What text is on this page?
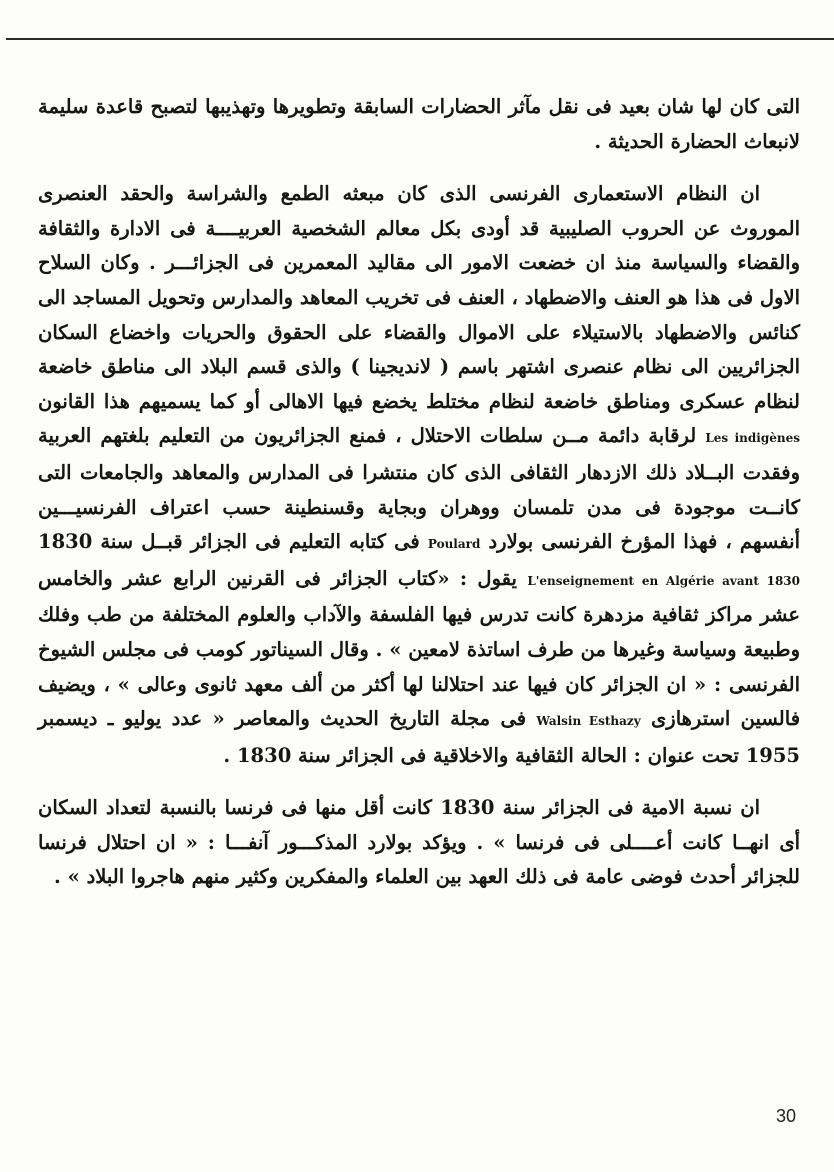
التى كان لها شان بعيد فى نقل مآثر الحضارات السابقة وتطويرها وتهذيبها لتصبح قاعدة سليمة لانبعاث الحضارة الحديثة .

ان النظام الاستعمارى الفرنسى الذى كان مبعثه الطمع والشراسة والحقد العنصرى الموروث عن الحروب الصليبية قد أودى بكل معالم الشخصية العربيــــة فى الادارة والثقافة والقضاء والسياسة منذ ان خضعت الامور الى مقاليد المعمرين فى الجزائـــر . وكان السلاح الاول فى هذا هو العنف والاضطهاد ، العنف فى تخريب المعاهد والمدارس وتحويل المساجد الى كنائس والاضطهاد بالاستيلاء على الاموال والقضاء على الحقوق والحريات واخضاع السكان الجزائريين الى نظام عنصرى اشتهر باسم ( لانديجينا ) والذى قسم البلاد الى مناطق خاضعة لنظام عسكرى ومناطق خاضعة لنظام مختلط يخضع فيها الاهالى أو كما يسميهم هذا القانون Les indigènes لرقابة دائمة مــن سلطات الاحتلال ، فمنع الجزائريون من التعليم بلغتهم العربية وفقدت البــلاد ذلك الازدهار الثقافى الذى كان منتشرا فى المدارس والمعاهد والجامعات التى كانــت موجودة فى مدن تلمسان ووهران وبجاية وقسنطينة حسب اعتراف الفرنسيـــين أنفسهم ، فهذا المؤرخ الفرنسى بولارد Poulard فى كتابه التعليم فى الجزائر قبــل سنة 1830 L'enseignement en Algérie avant 1830 يقول : «كتاب الجزائر فى القرنين الرابع عشر والخامس عشر مراكز ثقافية مزدهرة كانت تدرس فيها الفلسفة والآداب والعلوم المختلفة من طب وفلك وطبيعة وسياسة وغيرها من طرف اساتذة لامعين » . وقال السيناتور كومب فى مجلس الشيوخ الفرنسى : « ان الجزائر كان فيها عند احتلالنا لها أكثر من ألف معهد ثانوى وعالى » ، ويضيف فالسين استرهازى Walsin Esthazy فى مجلة التاريخ الحديث والمعاصر « عدد يوليو ـ ديسمبر 1955 تحت عنوان : الحالة الثقافية والاخلاقية فى الجزائر سنة 1830 .

ان نسبة الامية فى الجزائر سنة 1830 كانت أقل منها فى فرنسا بالنسبة لتعداد السكان أى انهــا كانت أعــــلى فى فرنسا » . ويؤكد بولارد المذكـــور آنفـــا : « ان احتلال فرنسا للجزائر أحدث فوضى عامة فى ذلك العهد بين العلماء والمفكرين وكثير منهم هاجروا البلاد » .

30
